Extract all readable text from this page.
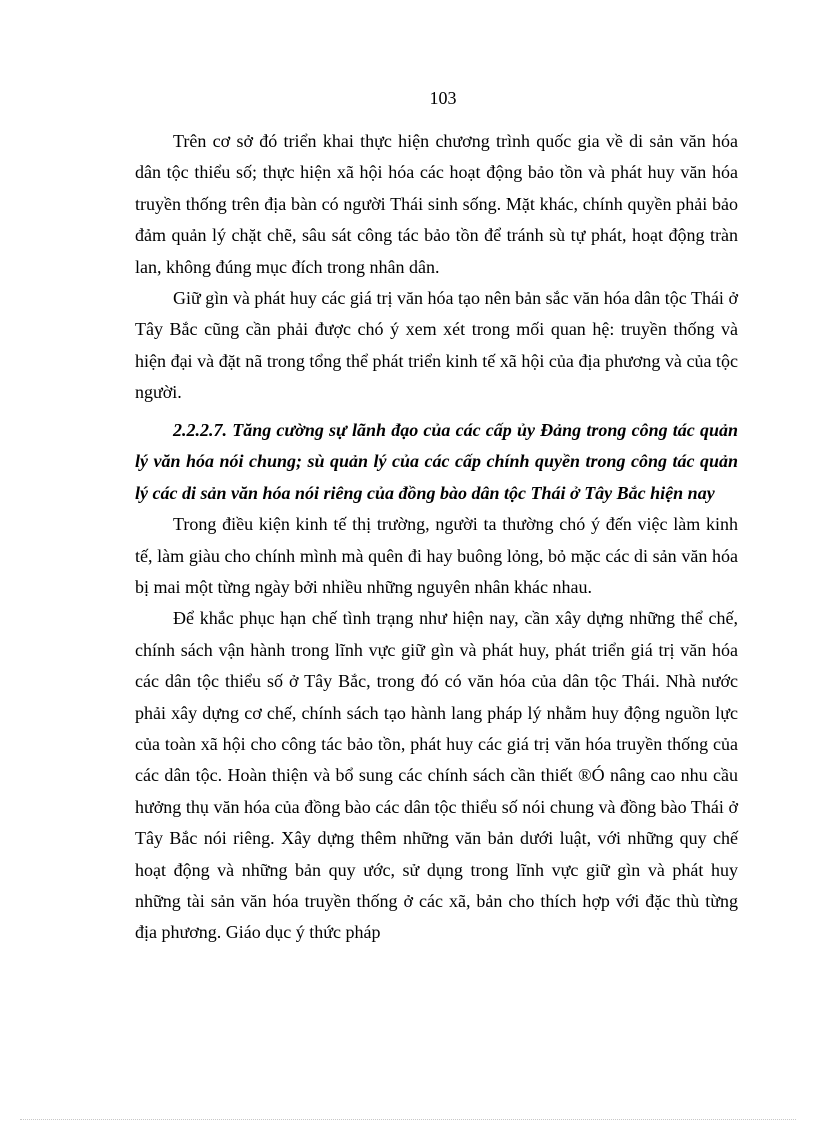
103

Trên cơ sở đó triển khai thực hiện chương trình quốc gia về di sản văn hóa dân tộc thiểu số; thực hiện xã hội hóa các hoạt động bảo tồn và phát huy văn hóa truyền thống trên địa bàn có người Thái sinh sống. Mặt khác, chính quyền phải bảo đảm quản lý chặt chẽ, sâu sát công tác bảo tồn để tránh sù tự phát, hoạt động tràn lan, không đúng mục đích trong nhân dân.

Giữ gìn và phát huy các giá trị văn hóa tạo nên bản sắc văn hóa dân tộc Thái ở Tây Bắc cũng cần phải được chó ý xem xét trong mối quan hệ: truyền thống và hiện đại và đặt nã trong tổng thể phát triển kinh tế xã hội của địa phương và của tộc người.

2.2.2.7. Tăng cường sự lãnh đạo của các cấp ủy Đảng trong công tác quản lý văn hóa nói chung; sù quản lý của các cấp chính quyền trong công tác quản lý các di sản văn hóa nói riêng của đồng bào dân tộc Thái ở Tây Bắc hiện nay

Trong điều kiện kinh tế thị trường, người ta thường chó ý đến việc làm kinh tế, làm giàu cho chính mình mà quên đi hay buông lỏng, bỏ mặc các di sản văn hóa bị mai một từng ngày bởi nhiều những nguyên nhân khác nhau.

Để khắc phục hạn chế tình trạng như hiện nay, cần xây dựng những thể chế, chính sách vận hành trong lĩnh vực giữ gìn và phát huy, phát triển giá trị văn hóa các dân tộc thiểu số ở Tây Bắc, trong đó có văn hóa của dân tộc Thái. Nhà nước phải xây dựng cơ chế, chính sách tạo hành lang pháp lý nhằm huy động nguồn lực của toàn xã hội cho công tác bảo tồn, phát huy các giá trị văn hóa truyền thống của các dân tộc. Hoàn thiện và bổ sung các chính sách cần thiết ®Ó nâng cao nhu cầu hưởng thụ văn hóa của đồng bào các dân tộc thiểu số nói chung và đồng bào Thái ở Tây Bắc nói riêng. Xây dựng thêm những văn bản dưới luật, với những quy chế hoạt động và những bản quy ước, sử dụng trong lĩnh vực giữ gìn và phát huy những tài sản văn hóa truyền thống ở các xã, bản cho thích hợp với đặc thù từng địa phương. Giáo dục ý thức pháp
